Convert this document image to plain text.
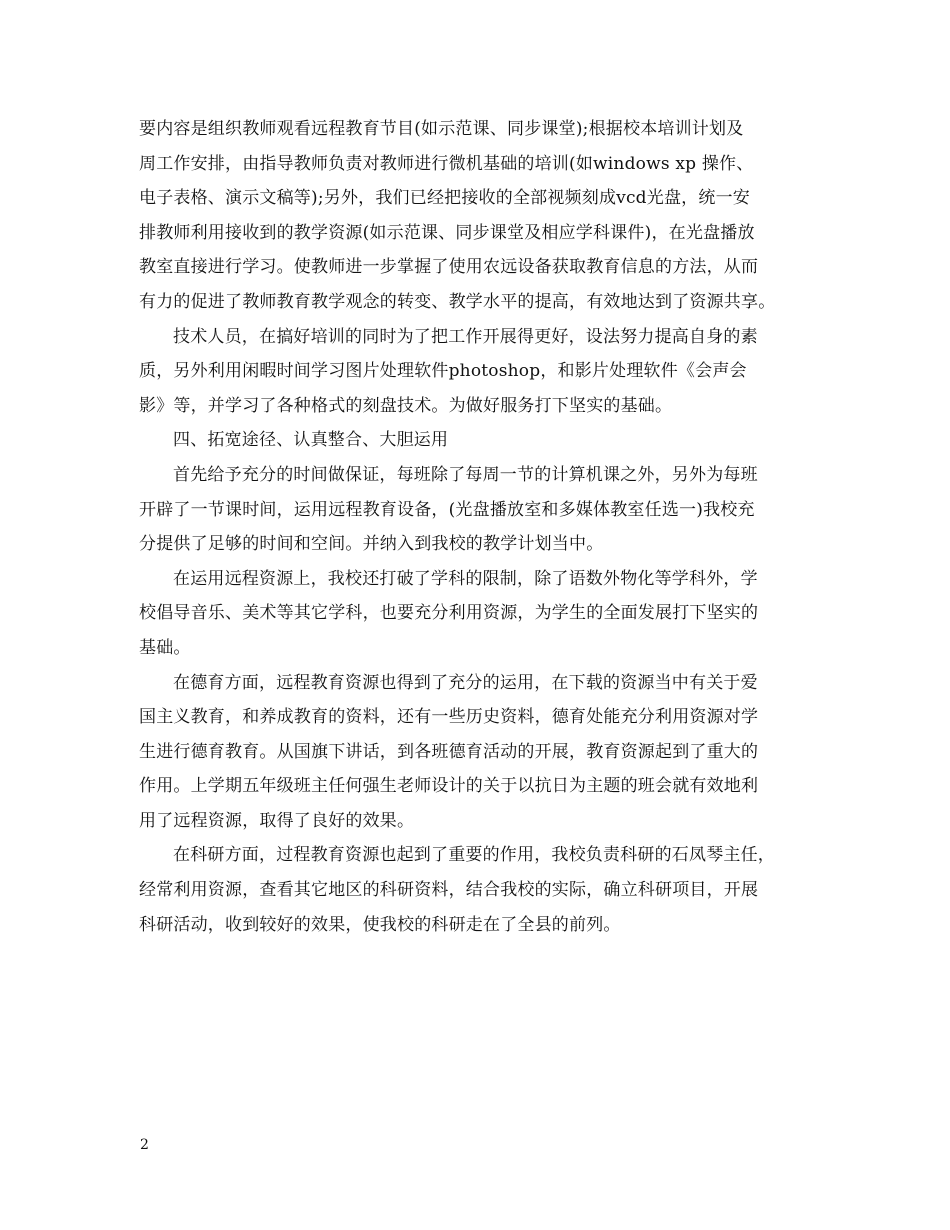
要内容是组织教师观看远程教育节目(如示范课、同步课堂);根据校本培训计划及
周工作安排，由指导教师负责对教师进行微机基础的培训(如windows xp 操作、
电子表格、演示文稿等);另外，我们已经把接收的全部视频刻成vcd光盘，统一安
排教师利用接收到的教学资源(如示范课、同步课堂及相应学科课件)，在光盘播放
教室直接进行学习。使教师进一步掌握了使用农远设备获取教育信息的方法，从而
有力的促进了教师教育教学观念的转变、教学水平的提高，有效地达到了资源共享。
技术人员，在搞好培训的同时为了把工作开展得更好，设法努力提高自身的素
质，另外利用闲暇时间学习图片处理软件photoshop，和影片处理软件《会声会
影》等，并学习了各种格式的刻盘技术。为做好服务打下坚实的基础。
四、拓宽途径、认真整合、大胆运用
首先给予充分的时间做保证，每班除了每周一节的计算机课之外，另外为每班
开辟了一节课时间，运用远程教育设备，(光盘播放室和多媒体教室任选一)我校充
分提供了足够的时间和空间。并纳入到我校的教学计划当中。
在运用远程资源上，我校还打破了学科的限制，除了语数外物化等学科外，学
校倡导音乐、美术等其它学科，也要充分利用资源，为学生的全面发展打下坚实的
基础。
在德育方面，远程教育资源也得到了充分的运用，在下载的资源当中有关于爱
国主义教育，和养成教育的资料，还有一些历史资料，德育处能充分利用资源对学
生进行德育教育。从国旗下讲话，到各班德育活动的开展，教育资源起到了重大的
作用。上学期五年级班主任何强生老师设计的关于以抗日为主题的班会就有效地利
用了远程资源，取得了良好的效果。
在科研方面，过程教育资源也起到了重要的作用，我校负责科研的石凤琴主任，
经常利用资源，查看其它地区的科研资料，结合我校的实际，确立科研项目，开展
科研活动，收到较好的效果，使我校的科研走在了全县的前列。
2
